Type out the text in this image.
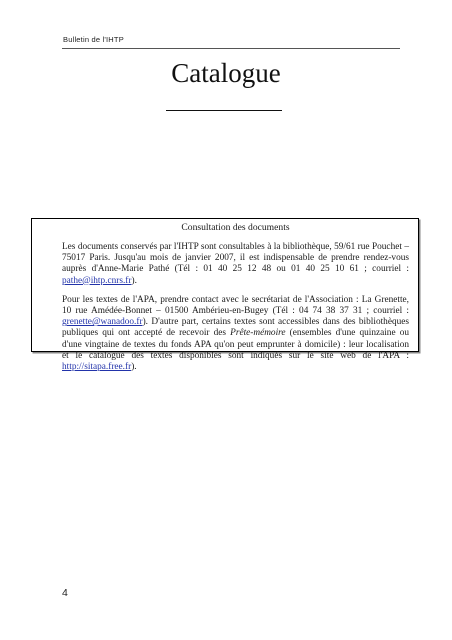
Bulletin de l'IHTP
Catalogue

Consultation des documents

Les documents conservés par l'IHTP sont consultables à la bibliothèque, 59/61 rue Pouchet – 75017 Paris. Jusqu'au mois de janvier 2007, il est indispensable de prendre rendez-vous auprès d'Anne-Marie Pathé (Tél : 01 40 25 12 48 ou 01 40 25 10 61 ; courriel : pathe@ihtp.cnrs.fr).

Pour les textes de l'APA, prendre contact avec le secrétariat de l'Association : La Grenette, 10 rue Amédée-Bonnet – 01500 Ambérieu-en-Bugey (Tél : 04 74 38 37 31 ; courriel : grenette@wanadoo.fr). D'autre part, certains textes sont accessibles dans des bibliothèques publiques qui ont accepté de recevoir des Prête-mémoire (ensembles d'une quinzaine ou d'une vingtaine de textes du fonds APA qu'on peut emprunter à domicile) : leur localisation et le catalogue des textes disponibles sont indiqués sur le site web de l'APA : http://sitapa.free.fr).

4
